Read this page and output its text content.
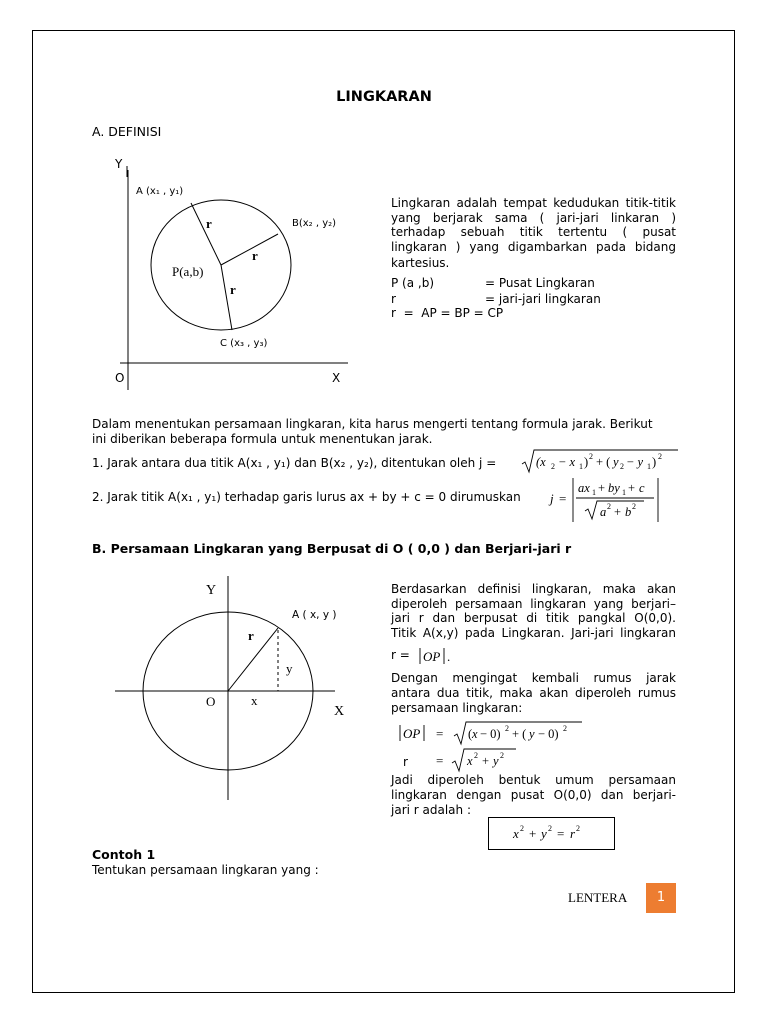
LINGKARAN
A. DEFINISI
Y
O	X
A (x₁ , y₁)
B(x₂ , y₂)
C (x₃ , y₃)
P(a,b)
r
r
r
Lingkaran adalah tempat kedudukan titik-titik
yang berjarak sama ( jari-jari linkaran )
terhadap sebuah titik tertentu ( pusat
lingkaran ) yang digambarkan pada bidang
kartesius.
P (a ,b)	= Pusat Lingkaran
r	= jari-jari lingkaran
r  =  AP = BP = CP
Dalam menentukan persamaan lingkaran, kita harus mengerti tentang formula jarak. Berikut
ini diberikan beberapa formula untuk menentukan jarak.
1. Jarak antara dua titik A(x₁ , y₁) dan B(x₂ , y₂), ditentukan oleh j =	(x 2 − x 1 ) 2 + ( y 2 − y 1 ) 2
2. Jarak titik A(x₁ , y₁) terhadap garis lurus ax + by + c = 0 dirumuskan j =
ax 1 + by 1 + c
a 2 + b 2
B. Persamaan Lingkaran yang Berpusat di O ( 0,0 ) dan Berjari-jari r
Y
O
X
A ( x, y )
r
y
x
Berdasarkan definisi lingkaran, maka akan
diperoleh persamaan lingkaran yang berjari–
jari r dan berpusat di titik pangkal O(0,0).
Titik A(x,y) pada Lingkaran. Jari-jari lingkaran
r = OP .
Dengan mengingat kembali rumus jarak
antara dua titik, maka akan diperoleh rumus
persamaan lingkaran:
OP = ( x − 0) 2 + ( y − 0) 2
r = x 2 + y 2
Jadi diperoleh bentuk umum persamaan
lingkaran dengan pusat O(0,0) dan berjari-
jari r adalah :
x 2 + y 2 = r 2
Contoh 1
Tentukan persamaan lingkaran yang :
LENTERA	1
